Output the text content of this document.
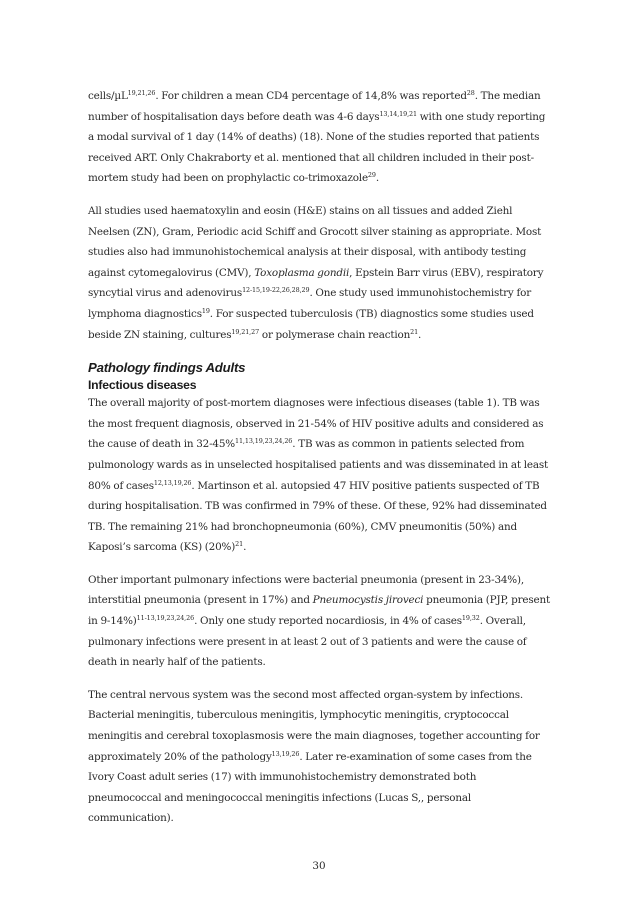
cells/µL$^{19,21,26}$. For children a mean CD4 percentage of 14,8% was reported$^{28}$. The median number of hospitalisation days before death was 4-6 days$^{13,14,19,21}$ with one study reporting a modal survival of 1 day (14% of deaths) (18). None of the studies reported that patients received ART. Only Chakraborty et al. mentioned that all children included in their post-mortem study had been on prophylactic co-trimoxazole$^{29}$.

All studies used haematoxylin and eosin (H&E) stains on all tissues and added Ziehl Neelsen (ZN), Gram, Periodic acid Schiff and Grocott silver staining as appropriate. Most studies also had immunohistochemical analysis at their disposal, with antibody testing against cytomegalovirus (CMV), Toxoplasma gondii, Epstein Barr virus (EBV), respiratory syncytial virus and adenovirus$^{12-15,19-22,26,28,29}$. One study used immunohistochemistry for lymphoma diagnostics$^{19}$. For suspected tuberculosis (TB) diagnostics some studies used beside ZN staining, cultures$^{19,21,27}$ or polymerase chain reaction$^{21}$.

Pathology findings Adults
Infectious diseases

The overall majority of post-mortem diagnoses were infectious diseases (table 1). TB was the most frequent diagnosis, observed in 21-54% of HIV positive adults and considered as the cause of death in 32-45%$^{11,13,19,23,24,26}$. TB was as common in patients selected from pulmonology wards as in unselected hospitalised patients and was disseminated in at least 80% of cases$^{12,13,19,26}$. Martinson et al. autopsied 47 HIV positive patients suspected of TB during hospitalisation. TB was confirmed in 79% of these. Of these, 92% had disseminated TB. The remaining 21% had bronchopneumonia (60%), CMV pneumonitis (50%) and Kaposi’s sarcoma (KS) $(20\%)^{21}$.

Other important pulmonary infections were bacterial pneumonia (present in 23-34%), interstitial pneumonia (present in 17%) and Pneumocystis jiroveci pneumonia (PJP, present in 9-14%)$^{11-13,19,23,24,26}$. Only one study reported nocardiosis, in 4% of cases$^{19,32}$. Overall, pulmonary infections were present in at least 2 out of 3 patients and were the cause of death in nearly half of the patients.

The central nervous system was the second most affected organ-system by infections. Bacterial meningitis, tuberculous meningitis, lymphocytic meningitis, cryptococcal meningitis and cerebral toxoplasmosis were the main diagnoses, together accounting for approximately 20% of the pathology$^{13,19,26}$. Later re-examination of some cases from the Ivory Coast adult series (17) with immunohistochemistry demonstrated both pneumococcal and meningococcal meningitis infections (Lucas S,, personal communication).

30
